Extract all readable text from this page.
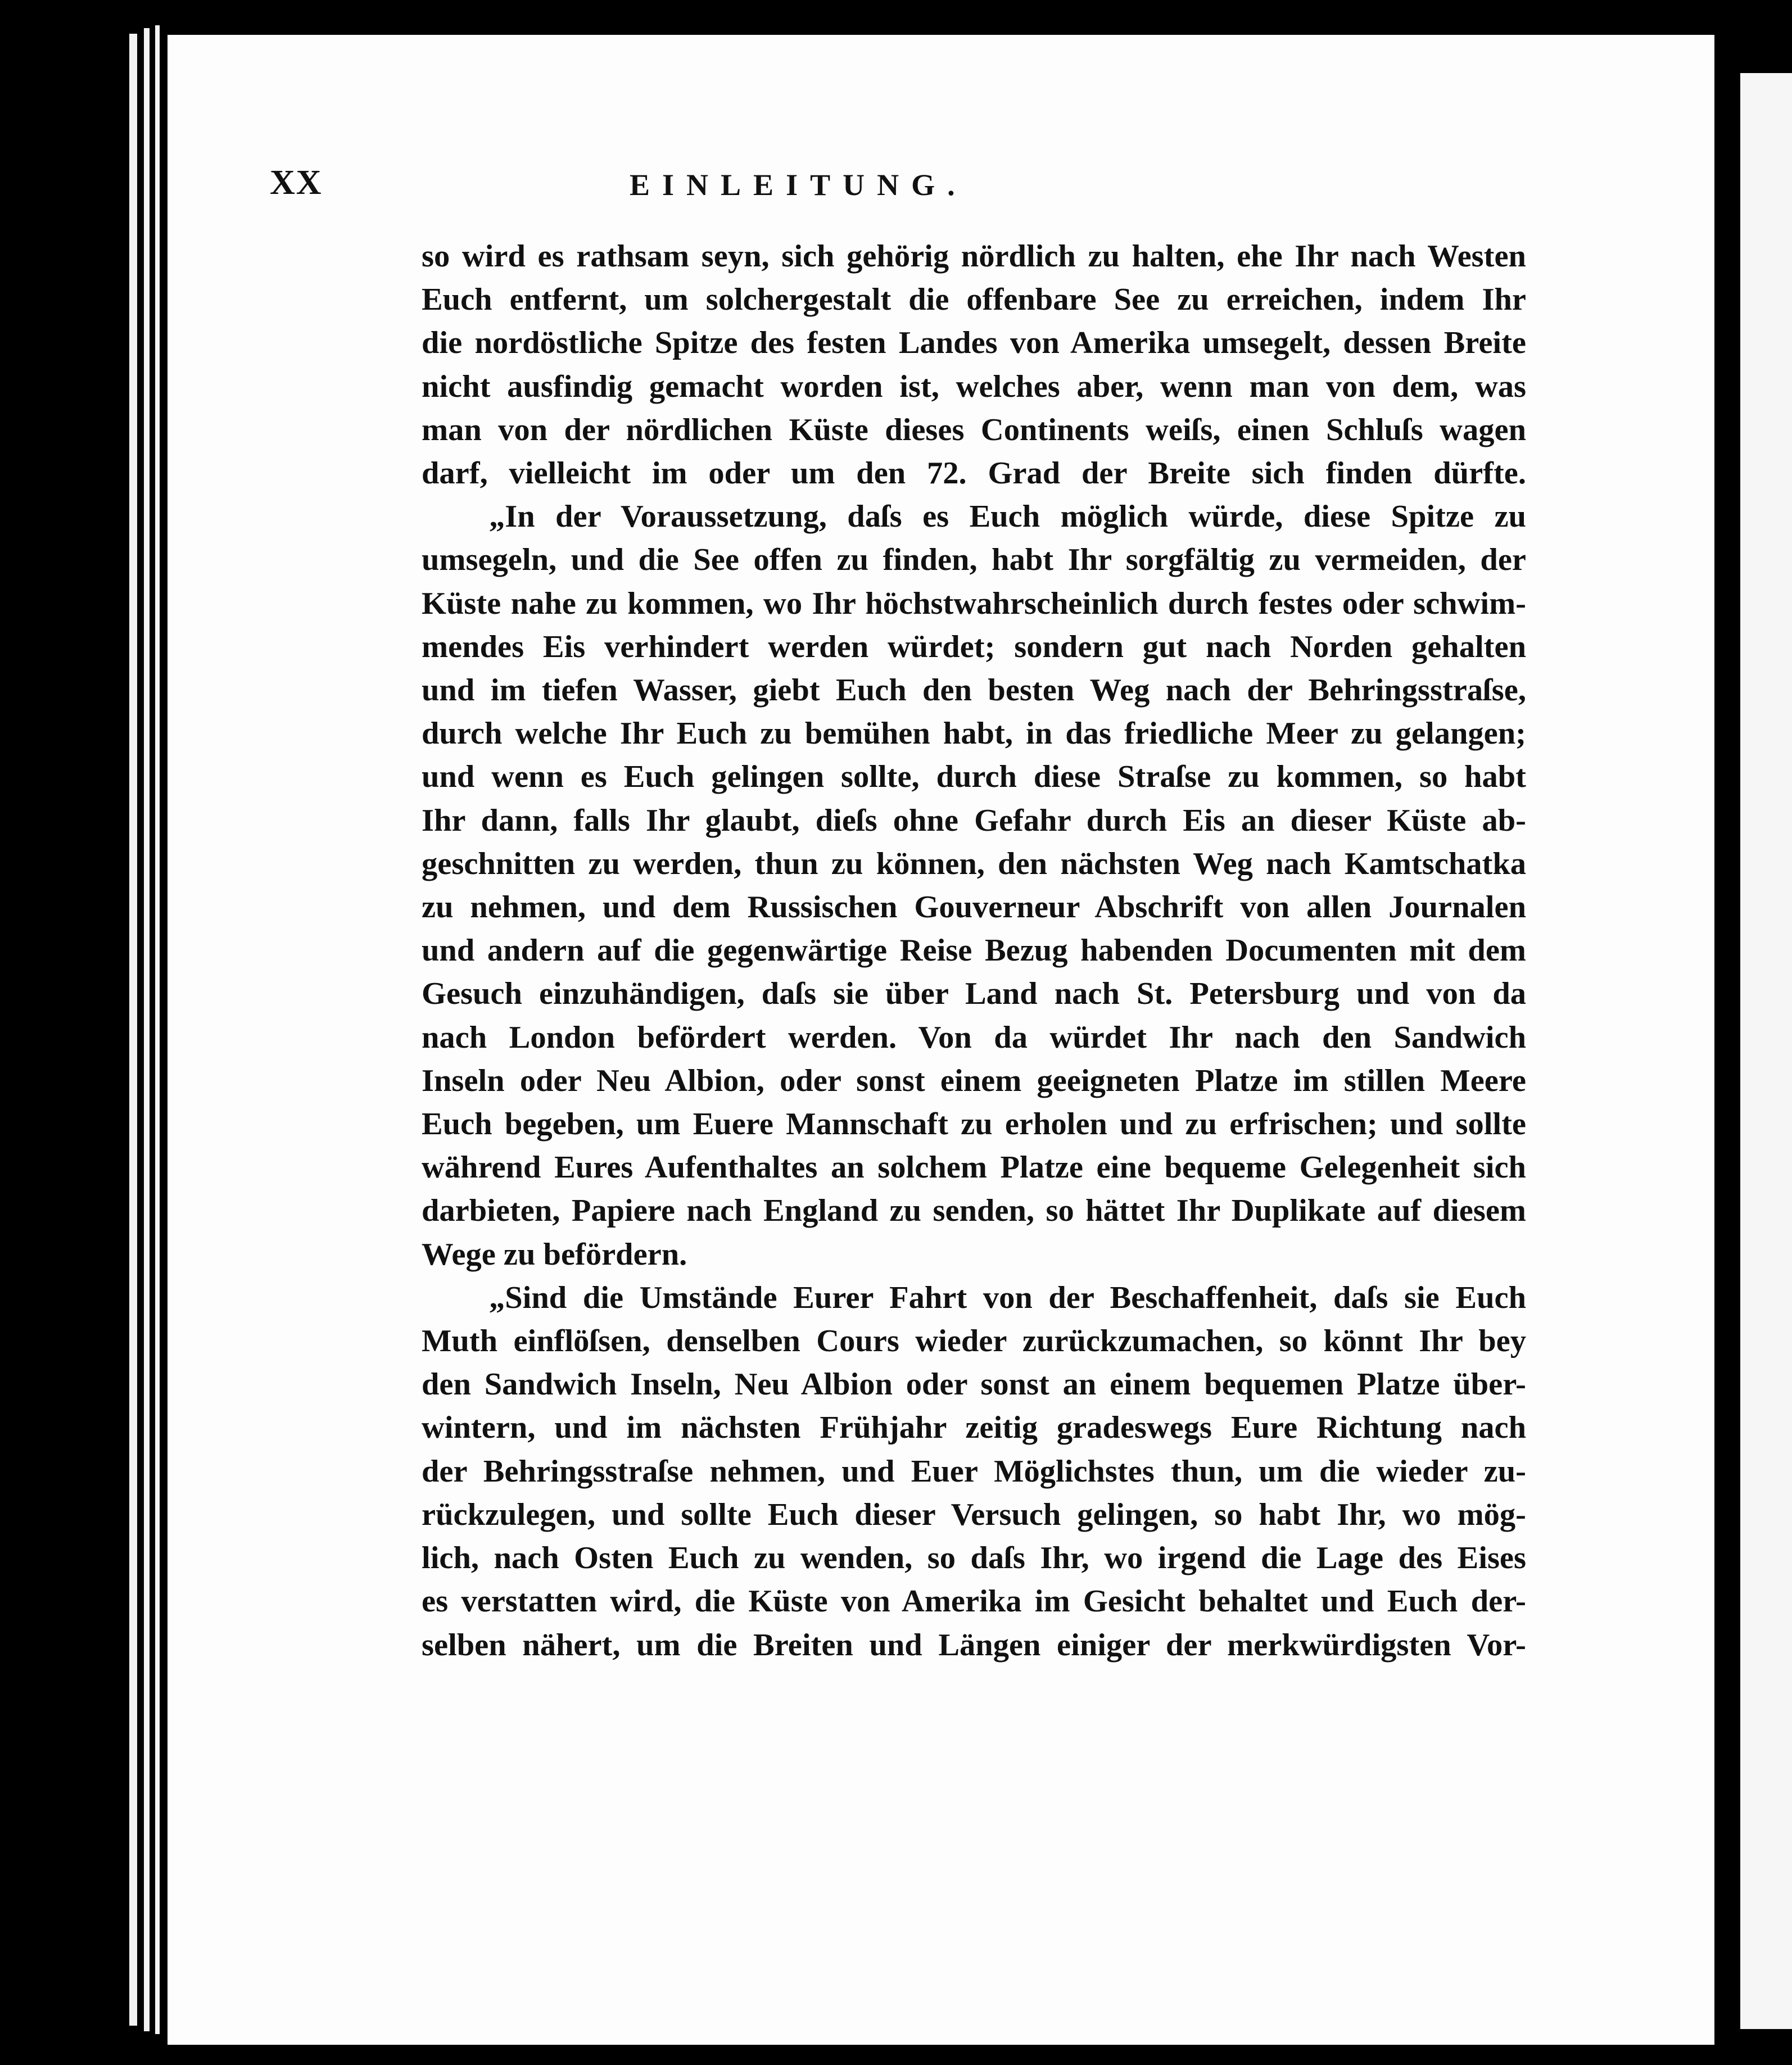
XX	EINLEITUNG.
so wird es rathsam seyn, sich gehörig nördlich zu halten, ehe Ihr nach Westen
Euch entfernt, um solchergestalt die offenbare See zu erreichen, indem Ihr
die nordöstliche Spitze des festen Landes von Amerika umsegelt, dessen Breite
nicht ausfindig gemacht worden ist, welches aber, wenn man von dem, was
man von der nördlichen Küste dieses Continents weiſs, einen Schluſs wagen
darf, vielleicht im oder um den 72. Grad der Breite sich finden dürfte.
„In der Voraussetzung, daſs es Euch möglich würde, diese Spitze zu
umsegeln, und die See offen zu finden, habt Ihr sorgfältig zu vermeiden, der
Küste nahe zu kommen, wo Ihr höchstwahrscheinlich durch festes oder schwim-
mendes Eis verhindert werden würdet; sondern gut nach Norden gehalten
und im tiefen Wasser, giebt Euch den besten Weg nach der Behringsstraſse,
durch welche Ihr Euch zu bemühen habt, in das friedliche Meer zu gelangen;
und wenn es Euch gelingen sollte, durch diese Straſse zu kommen, so habt
Ihr dann, falls Ihr glaubt, dieſs ohne Gefahr durch Eis an dieser Küste ab-
geschnitten zu werden, thun zu können, den nächsten Weg nach Kamtschatka
zu nehmen, und dem Russischen Gouverneur Abschrift von allen Journalen
und andern auf die gegenwärtige Reise Bezug habenden Documenten mit dem
Gesuch einzuhändigen, daſs sie über Land nach St. Petersburg und von da
nach London befördert werden. Von da würdet Ihr nach den Sandwich
Inseln oder Neu Albion, oder sonst einem geeigneten Platze im stillen Meere
Euch begeben, um Euere Mannschaft zu erholen und zu erfrischen; und sollte
während Eures Aufenthaltes an solchem Platze eine bequeme Gelegenheit sich
darbieten, Papiere nach England zu senden, so hättet Ihr Duplikate auf diesem
Wege zu befördern.
„Sind die Umstände Eurer Fahrt von der Beschaffenheit, daſs sie Euch
Muth einflöſsen, denselben Cours wieder zurückzumachen, so könnt Ihr bey
den Sandwich Inseln, Neu Albion oder sonst an einem bequemen Platze über-
wintern, und im nächsten Frühjahr zeitig gradeswegs Eure Richtung nach
der Behringsstraſse nehmen, und Euer Möglichstes thun, um die wieder zu-
rückzulegen, und sollte Euch dieser Versuch gelingen, so habt Ihr, wo mög-
lich, nach Osten Euch zu wenden, so daſs Ihr, wo irgend die Lage des Eises
es verstatten wird, die Küste von Amerika im Gesicht behaltet und Euch der-
selben nähert, um die Breiten und Längen einiger der merkwürdigsten Vor-
